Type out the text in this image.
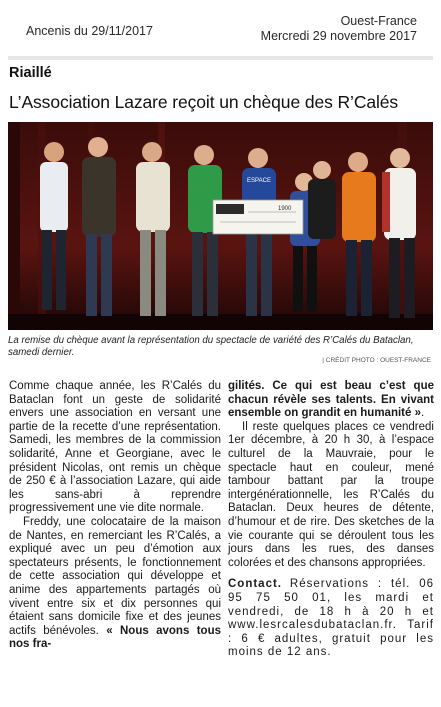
Ancenis du 29/11/2017
Ouest-France
Mercredi 29 novembre 2017
Riaillé
L’Association Lazare reçoit un chèque des R’Calés
ESPACE
1900
La remise du chèque avant la représentation du spectacle de variété des R’Calés du Bataclan, samedi dernier.
| CRÉDIT PHOTO : OUEST-FRANCE

Comme chaque année, les R’Calés du Bataclan font un geste de solidarité envers une association en versant une partie de la recette d’une représentation. Samedi, les membres de la commission solidarité, Anne et Georgiane, avec le président Nicolas, ont remis un chèque de 250 € à l’association Lazare, qui aide les sans-abri à reprendre progressivement une vie dite normale.

Freddy, une colocataire de la maison de Nantes, en remerciant les R’Calés, a expliqué avec un peu d’émotion aux spectateurs présents, le fonctionnement de cette association qui développe et anime des appartements partagés où vivent entre six et dix personnes qui étaient sans domicile fixe et des jeunes actifs bénévoles. « Nous avons tous nos fra-

gilités. Ce qui est beau c’est que chacun révèle ses talents. En vivant ensemble on grandit en humanité ».

Il reste quelques places ce vendredi 1er décembre, à 20 h 30, à l’espace culturel de la Mauvraie, pour le spectacle haut en couleur, mené tambour battant par la troupe intergénérationnelle, les R’Calés du Bataclan. Deux heures de détente, d’humour et de rire. Des sketches de la vie courante qui se déroulent tous les jours dans les rues, des danses colorées et des chansons appropriées.

Contact. Réservations : tél. 06 95 75 50 01, les mardi et vendredi, de 18 h à 20 h et www.lesrcalesdubataclan.fr. Tarif : 6 € adultes, gratuit pour les moins de 12 ans.
